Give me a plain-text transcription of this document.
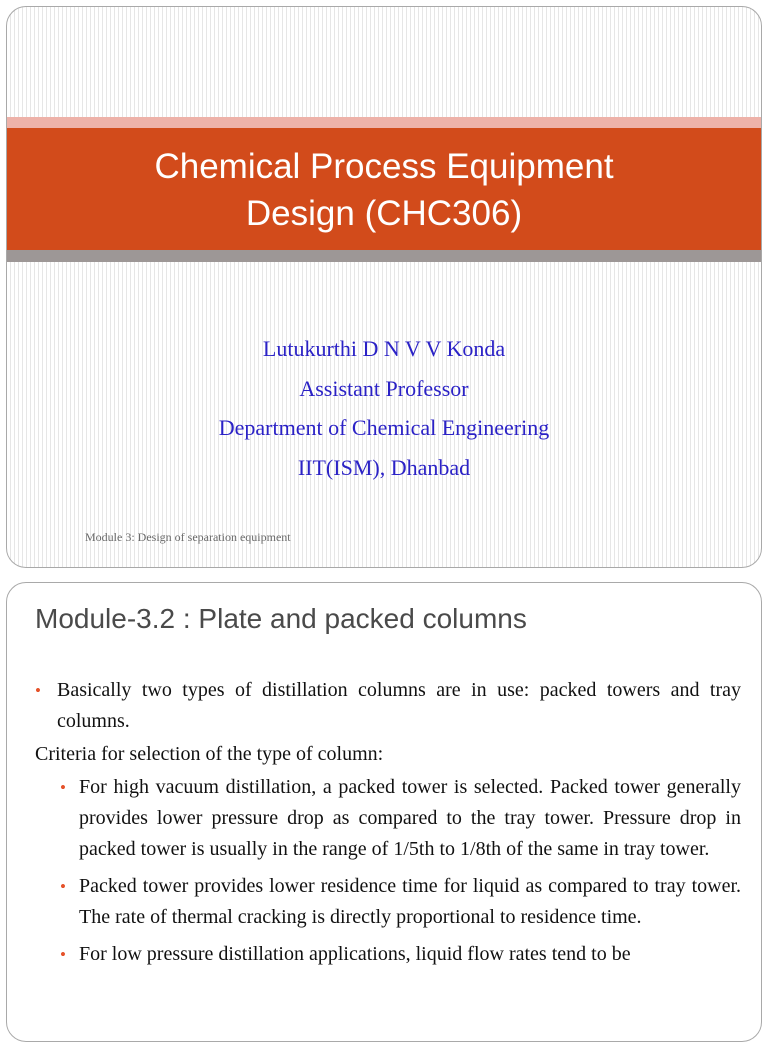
Chemical Process Equipment
Design (CHC306)
Lutukurthi D N V V Konda
Assistant Professor
Department of Chemical Engineering
IIT(ISM), Dhanbad
Module 3: Design of separation equipment
Module-3.2 : Plate and packed columns
• Basically two types of distillation columns are in use: packed towers and tray columns.
Criteria for selection of the type of column:
• For high vacuum distillation, a packed tower is selected. Packed tower generally provides lower pressure drop as compared to the tray tower. Pressure drop in packed tower is usually in the range of 1/5th to 1/8th of the same in tray tower.
• Packed tower provides lower residence time for liquid as compared to tray tower. The rate of thermal cracking is directly proportional to residence time.
• For low pressure distillation applications, liquid flow rates tend to be
